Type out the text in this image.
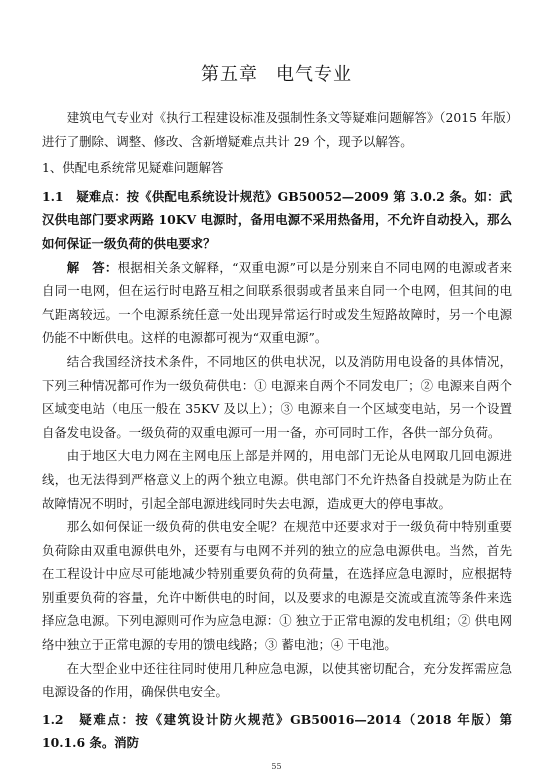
第五章 电气专业

建筑电气专业对《执行工程建设标准及强制性条文等疑难问题解答》（2015 年版）进行了删除、调整、修改、含新增疑难点共计 29 个，现予以解答。

1、供配电系统常见疑难问题解答

1.1　疑难点：按《供配电系统设计规范》GB50052—2009 第 3.0.2 条。如：武汉供电部门要求两路 10KV 电源时，备用电源不采用热备用，不允许自动投入，那么如何保证一级负荷的供电要求？

解　答：根据相关条文解释，“双重电源”可以是分别来自不同电网的电源或者来自同一电网，但在运行时电路互相之间联系很弱或者虽来自同一个电网，但其间的电气距离较远。一个电源系统任意一处出现异常运行时或发生短路故障时，另一个电源仍能不中断供电。这样的电源都可视为“双重电源”。

结合我国经济技术条件，不同地区的供电状况，以及消防用电设备的具体情况，下列三种情况都可作为一级负荷供电：① 电源来自两个不同发电厂；② 电源来自两个区域变电站（电压一般在 35KV 及以上）；③ 电源来自一个区域变电站，另一个设置自备发电设备。一级负荷的双重电源可一用一备，亦可同时工作，各供一部分负荷。

由于地区大电力网在主网电压上部是并网的，用电部门无论从电网取几回电源进线，也无法得到严格意义上的两个独立电源。供电部门不允许热备自投就是为防止在故障情况不明时，引起全部电源进线同时失去电源，造成更大的停电事故。

那么如何保证一级负荷的供电安全呢？在规范中还要求对于一级负荷中特别重要负荷除由双重电源供电外，还要有与电网不并列的独立的应急电源供电。当然，首先在工程设计中应尽可能地减少特别重要负荷的负荷量，在选择应急电源时，应根据特别重要负荷的容量，允许中断供电的时间，以及要求的电源是交流或直流等条件来选择应急电源。下列电源则可作为应急电源：① 独立于正常电源的发电机组；② 供电网络中独立于正常电源的专用的馈电线路；③ 蓄电池；④ 干电池。

在大型企业中还往往同时使用几种应急电源，以使其密切配合，充分发挥需应急电源设备的作用，确保供电安全。

1.2　疑难点：按《建筑设计防火规范》GB50016—2014（2018 年版）第 10.1.6 条。消防

55
